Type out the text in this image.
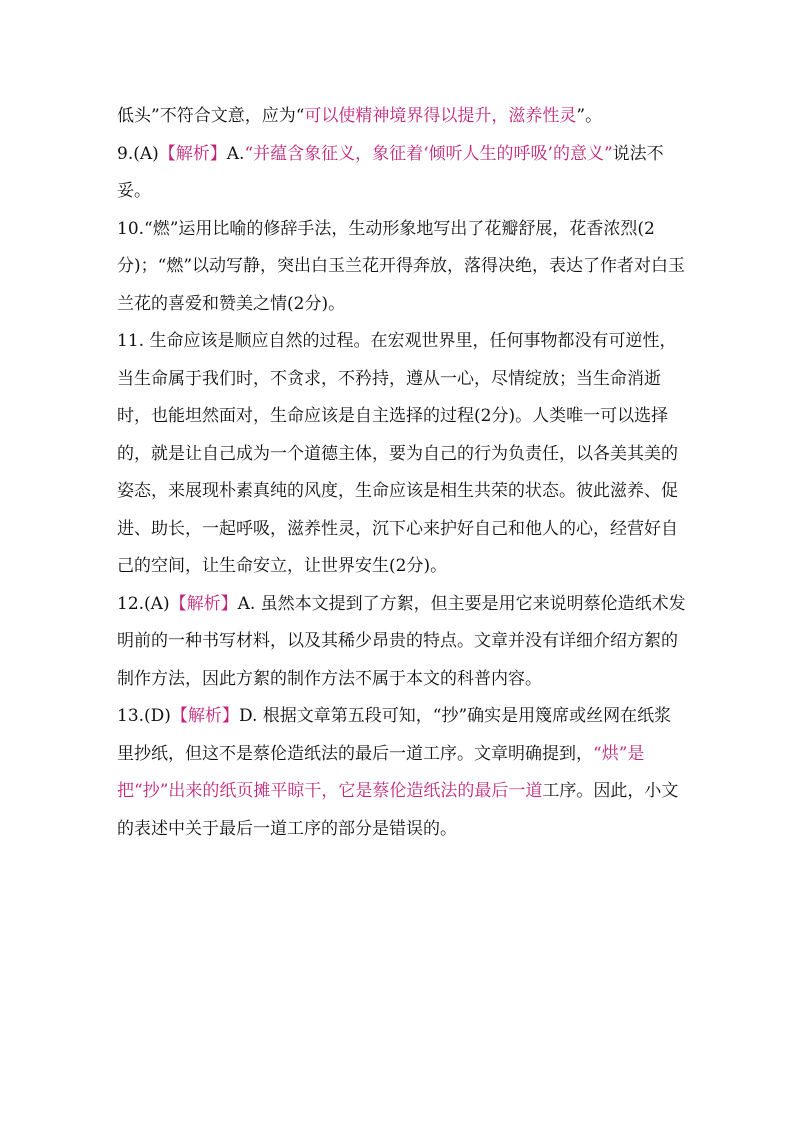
低头”不符合文意，应为“可以使精神境界得以提升，滋养性灵”。

9.(A)【解析】A.“并蕴含象征义，象征着‘倾听人生的呼吸’的意义”说法不妥。

10.“燃”运用比喻的修辞手法，生动形象地写出了花瓣舒展，花香浓烈(2分)；“燃”以动写静，突出白玉兰花开得奔放，落得决绝，表达了作者对白玉兰花的喜爱和赞美之情(2分)。

11. 生命应该是顺应自然的过程。在宏观世界里，任何事物都没有可逆性，当生命属于我们时，不贪求，不矜持，遵从一心，尽情绽放；当生命消逝时，也能坦然面对，生命应该是自主选择的过程(2分)。人类唯一可以选择的，就是让自己成为一个道德主体，要为自己的行为负责任，以各美其美的姿态，来展现朴素真纯的风度，生命应该是相生共荣的状态。彼此滋养、促进、助长，一起呼吸，滋养性灵，沉下心来护好自己和他人的心，经营好自己的空间，让生命安立，让世界安生(2分)。

12.(A)【解析】A. 虽然本文提到了方絮，但主要是用它来说明蔡伦造纸术发明前的一种书写材料，以及其稀少昂贵的特点。文章并没有详细介绍方絮的制作方法，因此方絮的制作方法不属于本文的科普内容。

13.(D)【解析】D. 根据文章第五段可知，“抄”确实是用篾席或丝网在纸浆里抄纸，但这不是蔡伦造纸法的最后一道工序。文章明确提到，“烘”是把“抄”出来的纸页摊平晾干，它是蔡伦造纸法的最后一道工序。因此，小文的表述中关于最后一道工序的部分是错误的。
